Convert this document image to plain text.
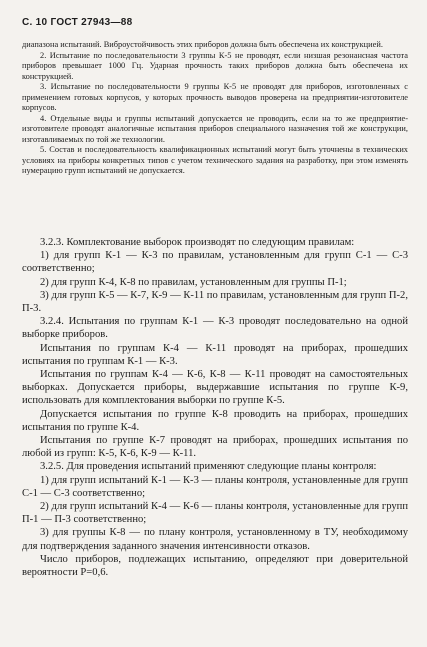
С. 10 ГОСТ 27943—88

диапазона испытаний. Виброустойчивость этих приборов должна быть обеспечена их конструкцией.

2. Испытание по последовательности 3 группы К-5 не проводят, если низшая резонансная частота приборов превышает 1000 Гц. Ударная прочность таких приборов должна быть обеспечена их конструкцией.

3. Испытание по последовательности 9 группы К-5 не проводят для приборов, изготовленных с применением готовых корпусов, у которых прочность выводов проверена на предприятии-изготовителе корпусов.

4. Отдельные виды и группы испытаний допускается не проводить, если на то же предприятие-изготовителе проводят аналогичные испытания приборов специального назначения той же конструкции, изготавливаемых по той же технологии.

5. Состав и последовательность квалификационных испытаний могут быть уточнены в технических условиях на приборы конкретных типов с учетом технического задания на разработку, при этом изменять нумерацию групп испытаний не допускается.

3.2.3. Комплектование выборок производят по следующим правилам:

1) для групп К-1 — К-3 по правилам, установленным для групп С-1 — С-3 соответственно;

2) для групп К-4, К-8 по правилам, установленным для группы П-1;

3) для групп К-5 — К-7, К-9 — К-11 по правилам, установленным для групп П-2, П-3.

3.2.4. Испытания по группам К-1 — К-3 проводят последовательно на одной выборке приборов.

Испытания по группам К-4 — К-11 проводят на приборах, прошедших испытания по группам К-1 — К-3.

Испытания по группам К-4 — К-6, К-8 — К-11 проводят на самостоятельных выборках. Допускается приборы, выдержавшие испытания по группе К-9, использовать для комплектования выборки по группе К-5.

Допускается испытания по группе К-8 проводить на приборах, прошедших испытания по группе К-4.

Испытания по группе К-7 проводят на приборах, прошедших испытания по любой из групп: К-5, К-6, К-9 — К-11.

3.2.5. Для проведения испытаний применяют следующие планы контроля:

1) для групп испытаний К-1 — К-3 — планы контроля, установленные для групп С-1 — С-3 соответственно;

2) для групп испытаний К-4 — К-6 — планы контроля, установленные для групп П-1 — П-3 соответственно;

3) для группы К-8 — по плану контроля, установленному в ТУ, необходимому для подтверждения заданного значения интенсивности отказов.

Число приборов, подлежащих испытанию, определяют при доверительной вероятности P=0,6.
